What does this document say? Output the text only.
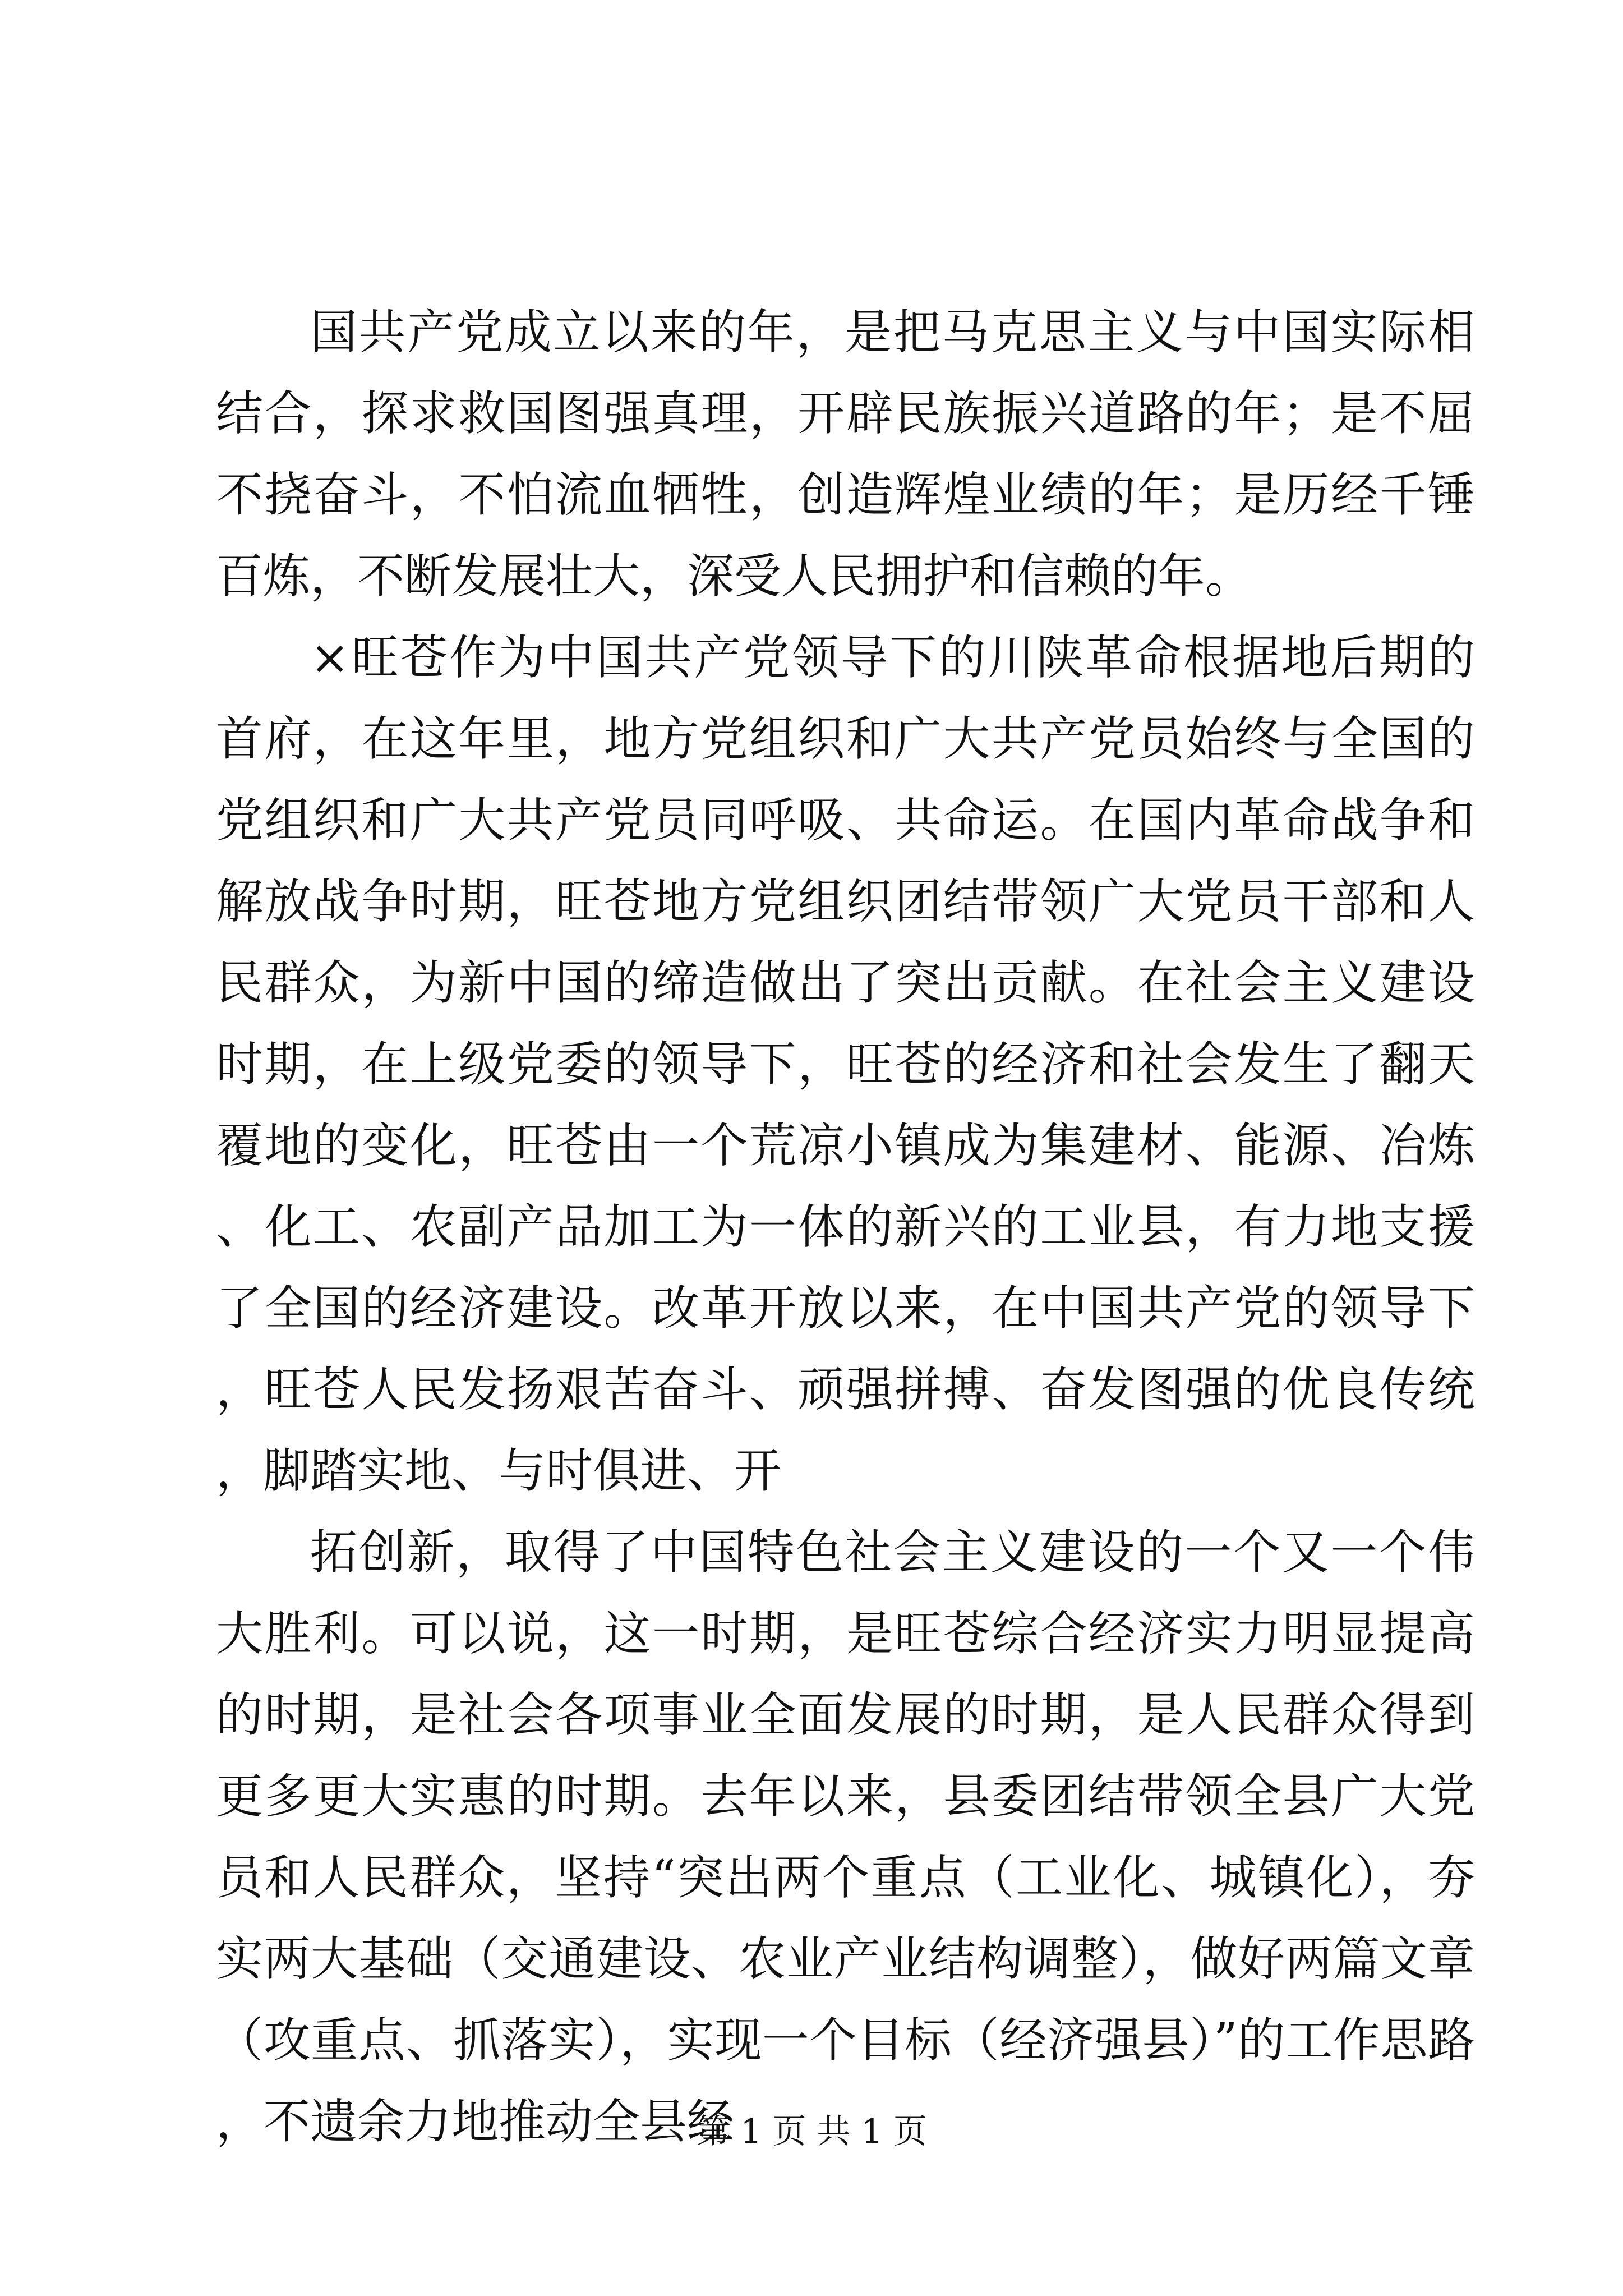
国共产党成立以来的年，是把马克思主义与中国实际相结合，探求救国图强真理，开辟民族振兴道路的年；是不屈不挠奋斗，不怕流血牺牲，创造辉煌业绩的年；是历经千锤百炼，不断发展壮大，深受人民拥护和信赖的年。

×旺苍作为中国共产党领导下的川陕革命根据地后期的首府，在这年里，地方党组织和广大共产党员始终与全国的党组织和广大共产党员同呼吸、共命运。在国内革命战争和解放战争时期，旺苍地方党组织团结带领广大党员干部和人民群众，为新中国的缔造做出了突出贡献。在社会主义建设时期，在上级党委的领导下，旺苍的经济和社会发生了翻天覆地的变化，旺苍由一个荒凉小镇成为集建材、能源、冶炼、化工、农副产品加工为一体的新兴的工业县，有力地支援了全国的经济建设。改革开放以来，在中国共产党的领导下，旺苍人民发扬艰苦奋斗、顽强拼搏、奋发图强的优良传统，脚踏实地、与时俱进、开

拓创新，取得了中国特色社会主义建设的一个又一个伟大胜利。可以说，这一时期，是旺苍综合经济实力明显提高的时期，是社会各项事业全面发展的时期，是人民群众得到更多更大实惠的时期。去年以来，县委团结带领全县广大党员和人民群众，坚持“突出两个重点（工业化、城镇化），夯实两大基础（交通建设、农业产业结构调整），做好两篇文章（攻重点、抓落实），实现一个目标（经济强县）”的工作思路，不遗余力地推动全县经

第 1 页 共 1 页
